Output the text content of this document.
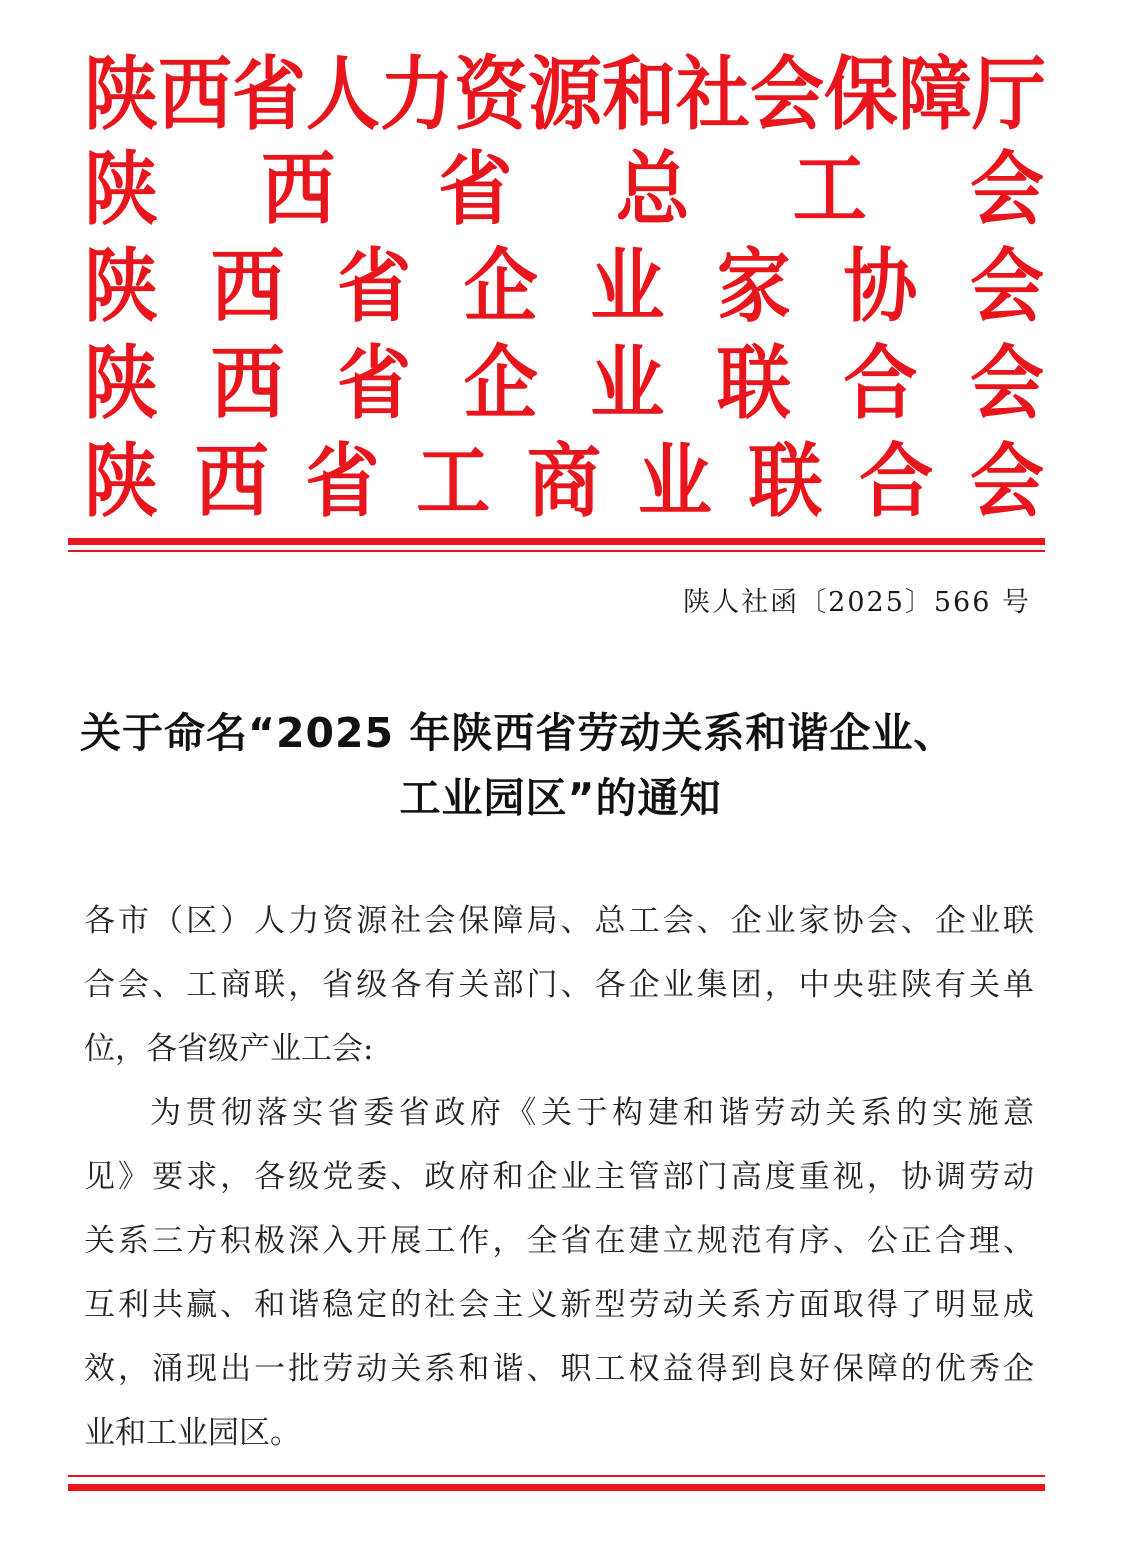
陕 西 省 人 力 资 源 和 社 会 保 障 厅
陕 西 省 总 工 会
陕 西 省 企 业 家 协 会
陕 西 省 企 业 联 合 会
陕 西 省 工 商 业 联 合 会
陕人社函〔2025〕566 号
关于命名“2025 年陕西省劳动关系和谐企业、
工业园区”的通知
各市（区）人力资源社会保障局、总工会、企业家协会、企业联
合会、工商联，省级各有关部门、各企业集团，中央驻陕有关单
位，各省级产业工会:
为贯彻落实省委省政府《关于构建和谐劳动关系的实施意
见》要求，各级党委、政府和企业主管部门高度重视，协调劳动
关系三方积极深入开展工作，全省在建立规范有序、公正合理、
互利共赢、和谐稳定的社会主义新型劳动关系方面取得了明显成
效，涌现出一批劳动关系和谐、职工权益得到良好保障的优秀企
业和工业园区。
